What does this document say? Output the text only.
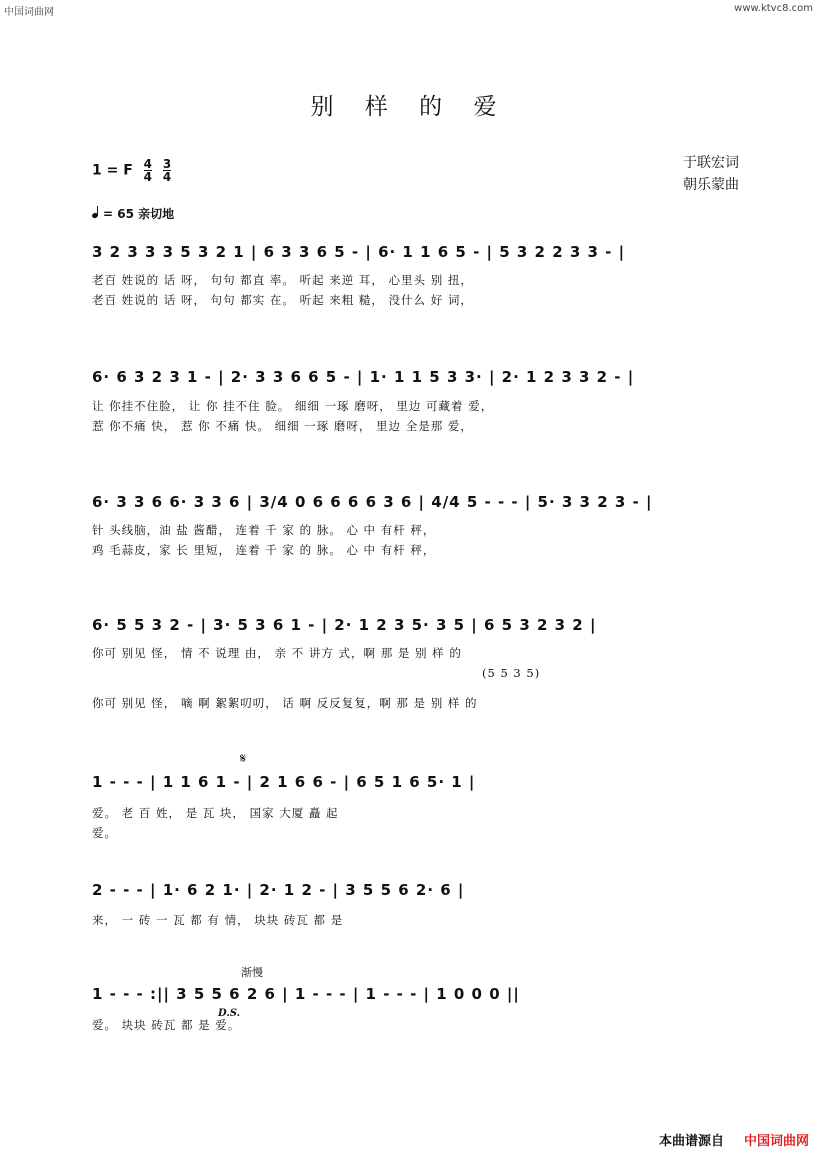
中国词曲网	www.ktvc8.com
别 样 的 爱
于联宏词
朝乐蒙曲
1 = F $\frac{4}{4}$
$\frac{3}{4}$
= 65 亲切地
3 2 3 3 3 5 3 2 1 | 6 3 3 6 5 - | 6· 1 1 6 5 - | 5 3 2 2 3 3 - |
老百 姓说的 话 呀， 句句 都直 率。 听起 来逆 耳， 心里头 别 扭，
老百 姓说的 话 呀， 句句 都实 在。 听起 来粗 糙， 没什么 好 词，
6· 6 3 2 3 1 - | 2· 3 3 6 6 5 - | 1· 1 1 5 3 3· | 2· 1 2 3 3 2 - |
让 你挂不住脸， 让 你 挂不住 脸。 细细 一琢 磨呀， 里边 可藏着 爱，
惹 你不痛 快， 惹 你 不痛 快。 细细 一琢 磨呀， 里边 全是那 爱，
6· 3 3 6 6· 3 3 6 | 3/4 0 6 6 6 6 3 6 | 4/4 5 - - - | 5· 3 3 2 3 - |
针 头线脑，油 盐 酱醋， 连着 千 家 的 脉。 心 中 有杆 秤，
鸡 毛蒜皮，家 长 里短， 连着 千 家 的 脉。 心 中 有杆 秤，
6· 5 5 3 2 - | 3· 5 3 6 1 - | 2· 1 2 3 5· 3 5 | 6 5 3 2 3 2 |
你可 别见 怪， 情 不 说理 由， 亲 不 讲方 式，啊 那 是 别 样 的
(5 5 3 5)
你可 别见 怪， 嘀 啊 絮絮叨叨， 话 啊 反反复复，啊 那 是 别 样 的
𝄋
1 - - - | 1 1 6 1 - | 2 1 6 6 - | 6 5 1 6 5· 1 |
爱。 老 百 姓， 是 瓦 块， 国家 大厦 矗 起
爱。
2 - - - | 1· 6 2 1· | 2· 1 2 - | 3 5 5 6 2· 6 |
来， 一 砖 一 瓦 都 有 情， 块块 砖瓦 都 是
渐慢
1 - - - :|| 3 5 5 6 2 6 | 1 - - - | 1 - - - | 1 0 0 0 ||
D.S.
爱。 块块 砖瓦 都 是 爱。
本曲谱源自 中国词曲网
